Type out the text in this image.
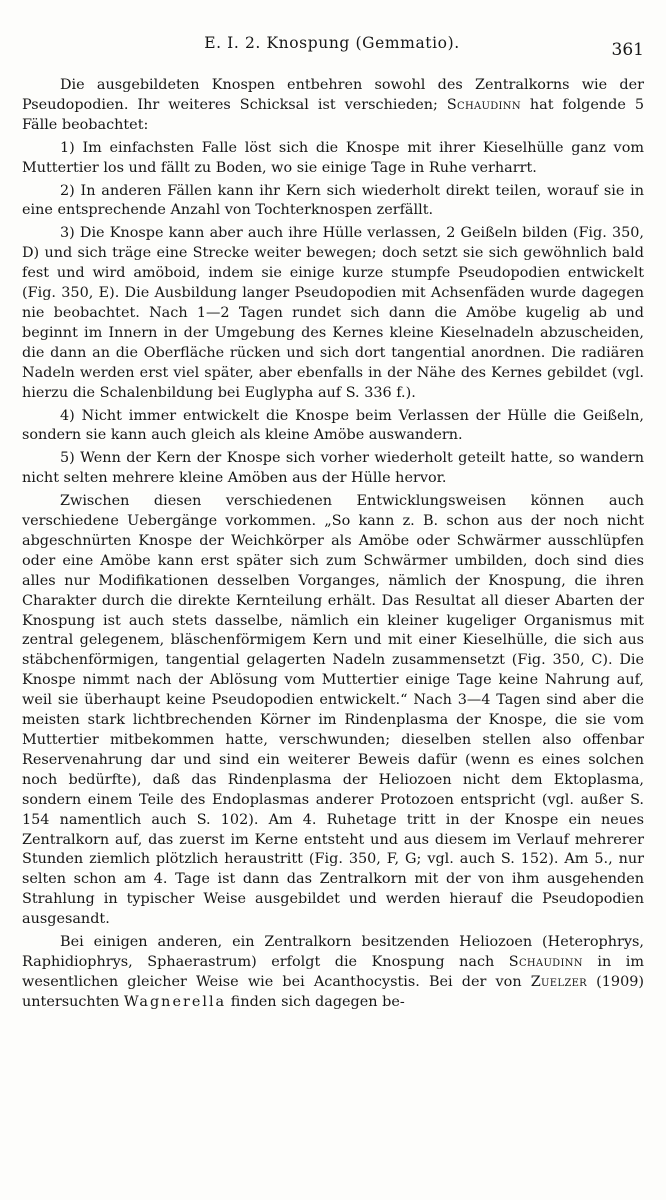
E. I. 2. Knospung (Gemmatio).	361

Die ausgebildeten Knospen entbehren sowohl des Zentralkorns wie der Pseudopodien. Ihr weiteres Schicksal ist verschieden; Schaudinn hat folgende 5 Fälle beobachtet:

1) Im einfachsten Falle löst sich die Knospe mit ihrer Kieselhülle ganz vom Muttertier los und fällt zu Boden, wo sie einige Tage in Ruhe verharrt.

2) In anderen Fällen kann ihr Kern sich wiederholt direkt teilen, worauf sie in eine entsprechende Anzahl von Tochterknospen zerfällt.

3) Die Knospe kann aber auch ihre Hülle verlassen, 2 Geißeln bilden (Fig. 350, D) und sich träge eine Strecke weiter bewegen; doch setzt sie sich gewöhnlich bald fest und wird amöboid, indem sie einige kurze stumpfe Pseudopodien entwickelt (Fig. 350, E). Die Ausbildung langer Pseudopodien mit Achsenfäden wurde dagegen nie beobachtet. Nach 1—2 Tagen rundet sich dann die Amöbe kugelig ab und beginnt im Innern in der Umgebung des Kernes kleine Kieselnadeln abzuscheiden, die dann an die Oberfläche rücken und sich dort tangential anordnen. Die radiären Nadeln werden erst viel später, aber ebenfalls in der Nähe des Kernes gebildet (vgl. hierzu die Schalenbildung bei Euglypha auf S. 336 f.).

4) Nicht immer entwickelt die Knospe beim Verlassen der Hülle die Geißeln, sondern sie kann auch gleich als kleine Amöbe auswandern.

5) Wenn der Kern der Knospe sich vorher wiederholt geteilt hatte, so wandern nicht selten mehrere kleine Amöben aus der Hülle hervor.

Zwischen diesen verschiedenen Entwicklungsweisen können auch verschiedene Uebergänge vorkommen. „So kann z. B. schon aus der noch nicht abgeschnürten Knospe der Weichkörper als Amöbe oder Schwärmer ausschlüpfen oder eine Amöbe kann erst später sich zum Schwärmer umbilden, doch sind dies alles nur Modifikationen desselben Vorganges, nämlich der Knospung, die ihren Charakter durch die direkte Kernteilung erhält. Das Resultat all dieser Abarten der Knospung ist auch stets dasselbe, nämlich ein kleiner kugeliger Organismus mit zentral gelegenem, bläschenförmigem Kern und mit einer Kieselhülle, die sich aus stäbchenförmigen, tangential gelagerten Nadeln zusammensetzt (Fig. 350, C). Die Knospe nimmt nach der Ablösung vom Muttertier einige Tage keine Nahrung auf, weil sie überhaupt keine Pseudopodien entwickelt.“ Nach 3—4 Tagen sind aber die meisten stark lichtbrechenden Körner im Rindenplasma der Knospe, die sie vom Muttertier mitbekommen hatte, verschwunden; dieselben stellen also offenbar Reservenahrung dar und sind ein weiterer Beweis dafür (wenn es eines solchen noch bedürfte), daß das Rindenplasma der Heliozoen nicht dem Ektoplasma, sondern einem Teile des Endoplasmas anderer Protozoen entspricht (vgl. außer S. 154 namentlich auch S. 102). Am 4. Ruhetage tritt in der Knospe ein neues Zentralkorn auf, das zuerst im Kerne entsteht und aus diesem im Verlauf mehrerer Stunden ziemlich plötzlich heraustritt (Fig. 350, F, G; vgl. auch S. 152). Am 5., nur selten schon am 4. Tage ist dann das Zentralkorn mit der von ihm ausgehenden Strahlung in typischer Weise ausgebildet und werden hierauf die Pseudopodien ausgesandt.

Bei einigen anderen, ein Zentralkorn besitzenden Heliozoen (Heterophrys, Raphidiophrys, Sphaerastrum) erfolgt die Knospung nach Schaudinn in im wesentlichen gleicher Weise wie bei Acanthocystis. Bei der von Zuelzer (1909) untersuchten Wagnerella finden sich dagegen be-
